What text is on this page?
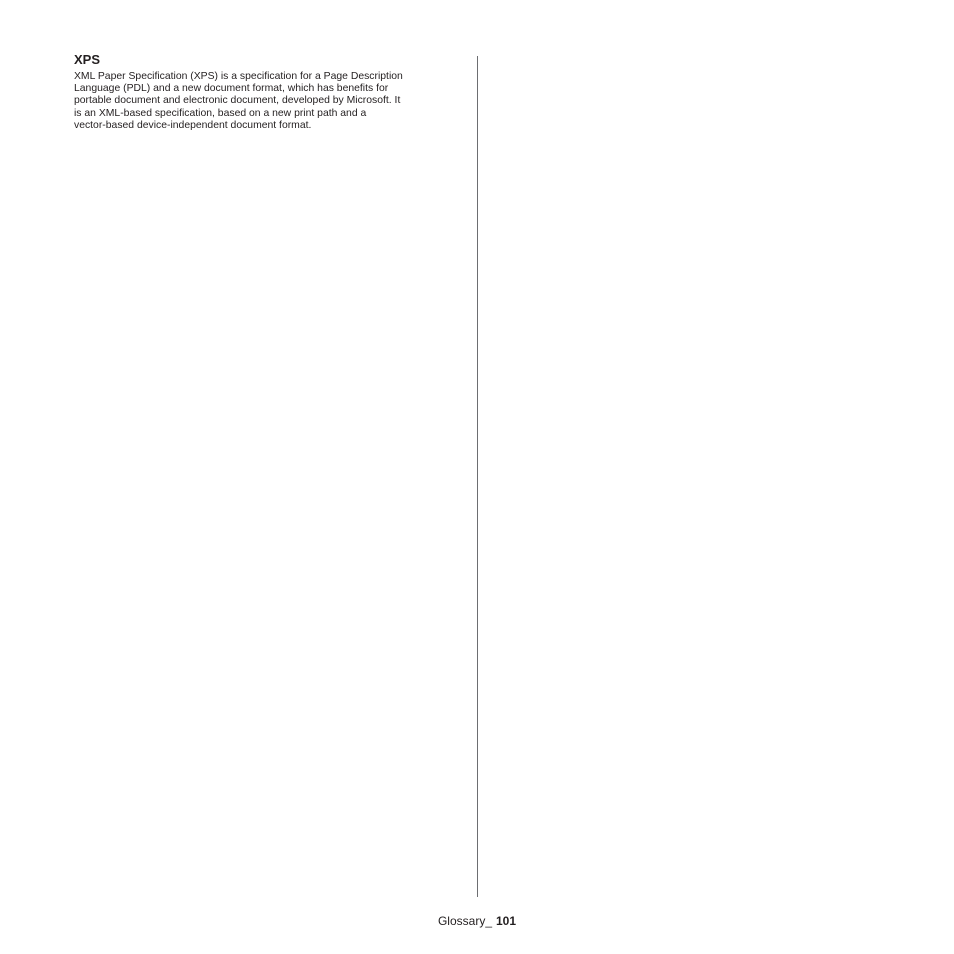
XPS

XML Paper Specification (XPS) is a specification for a Page Description
Language (PDL) and a new document format, which has benefits for
portable document and electronic document, developed by Microsoft. It
is an XML-based specification, based on a new print path and a
vector-based device-independent document format.

Glossary_ 101
